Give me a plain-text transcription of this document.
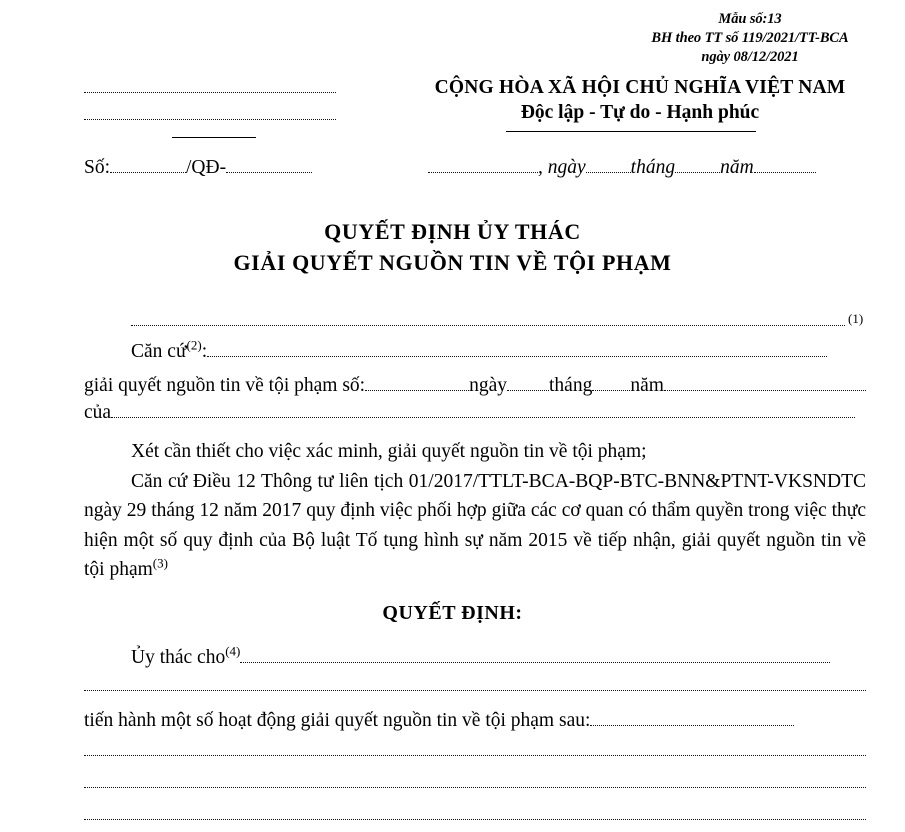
Mẫu số:13
BH theo TT số 119/2021/TT-BCA
ngày 08/12/2021
CỘNG HÒA XÃ HỘI CHỦ NGHĨA VIỆT NAM
Độc lập - Tự do - Hạnh phúc
Số:	/QĐ-	, ngày tháng năm
QUYẾT ĐỊNH ỦY THÁC
GIẢI QUYẾT NGUỒN TIN VỀ TỘI PHẠM
(1)
Căn cứ$^{(2)}$:
giải quyết nguồn tin về tội phạm số:	ngày tháng năm
của

Xét cần thiết cho việc xác minh, giải quyết nguồn tin về tội phạm;

Căn cứ Điều 12 Thông tư liên tịch 01/2017/TTLT-BCA-BQP-BTC-BNN&PTNT-VKSNDTC ngày 29 tháng 12 năm 2017 quy định việc phối hợp giữa các cơ quan có thẩm quyền trong việc thực hiện một số quy định của Bộ luật Tố tụng hình sự năm 2015 về tiếp nhận, giải quyết nguồn tin về tội phạm$^{(3)}$

QUYẾT ĐỊNH:
Ủy thác cho$^{(4)}$
tiến hành một số hoạt động giải quyết nguồn tin về tội phạm sau:
